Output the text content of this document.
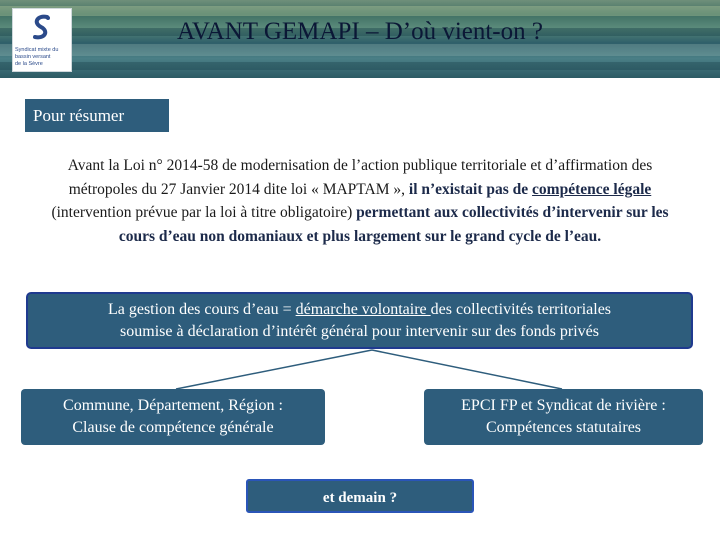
Syndicat mixte du
bassin versant
de la Sèvre
AVANT GEMAPI – D’où vient-on ?
Pour résumer
Avant la Loi n° 2014-58 de modernisation de l’action publique territoriale et d’affirmation des métropoles du 27 Janvier 2014 dite loi « MAPTAM », il n’existait pas de compétence légale (intervention prévue par la loi à titre obligatoire) permettant aux collectivités d’intervenir sur les cours d’eau non domaniaux et plus largement sur le grand cycle de l’eau.
La gestion des cours d’eau = démarche volontaire des collectivités territoriales
soumise à déclaration d’intérêt général pour intervenir sur des fonds privés
Commune, Département, Région :
Clause de compétence générale
EPCI FP et Syndicat de rivière :
Compétences statutaires
et demain ?
